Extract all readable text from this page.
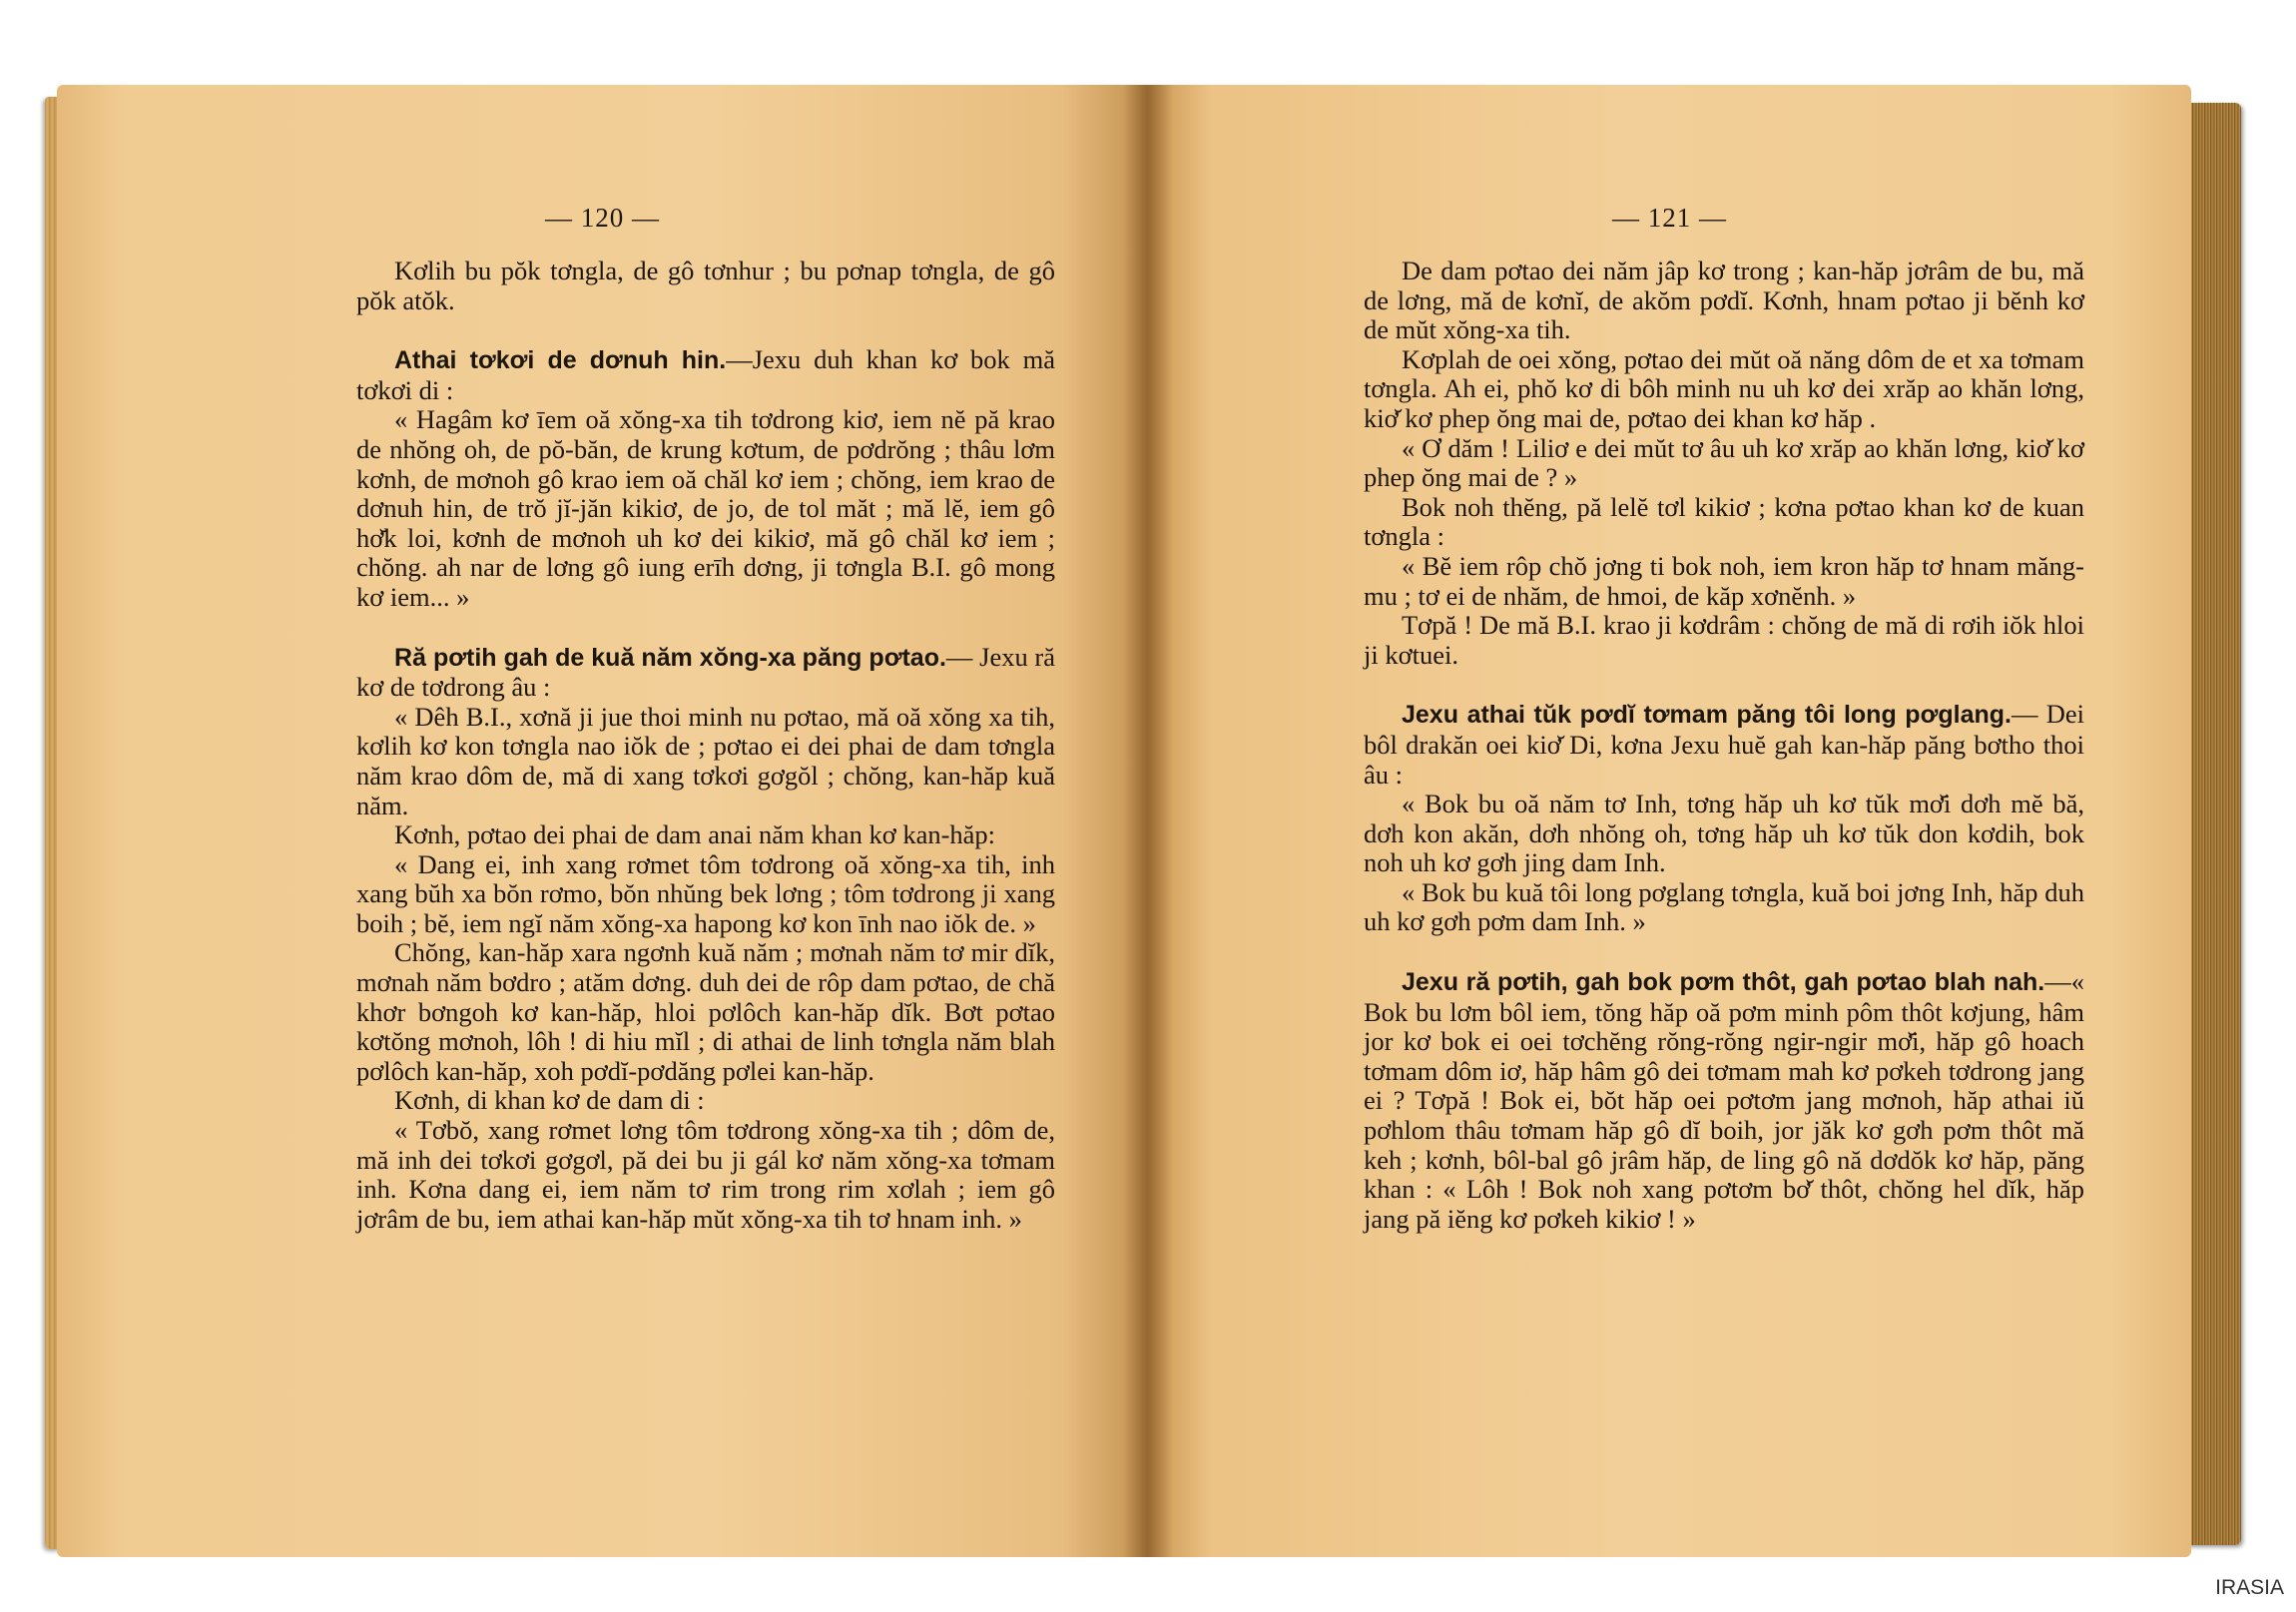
— 120 —

Kơlih bu pŏk tơngla, de gô tơnhur ; bu pơnap tơngla, de gô pŏk atŏk.

Athai tơkơi de dơnuh hin.—Jexu duh khan kơ bok mă tơkơi di :

« Hagâm kơ īem oă xŏng-xa tih tơdrong kiơ, iem nĕ pă krao de nhŏng oh, de pŏ-băn, de krung kơtum, de pơdrŏng ; thâu lơm kơnh, de mơnoh gô krao iem oă chăl kơ iem ; chŏng, iem krao de dơnuh hin, de trŏ jĭ-jăn kikiơ, de jo, de tol măt ; mă lĕ, iem gô hơ̆k loi, kơnh de mơnoh uh kơ dei kikiơ, mă gô chăl kơ iem ; chŏng. ah nar de lơng gô iung erīh dơng, ji tơngla B.I. gô mong kơ iem... »

Ră pơtih gah de kuă năm xŏng-xa păng pơtao.— Jexu ră kơ de tơdrong âu :

« Dêh B.I., xơnă ji jue thoi minh nu pơtao, mă oă xŏng xa tih, kơlih kơ kon tơngla nao iŏk de ; pơtao ei dei phai de dam tơngla năm krao dôm de, mă di xang tơkơi gơgŏl ; chŏng, kan-hăp kuă năm.

Kơnh, pơtao dei phai de dam anai năm khan kơ kan-hăp:

« Dang ei, inh xang rơmet tôm tơdrong oă xŏng-xa tih, inh xang bŭh xa bŏn rơmo, bŏn nhŭng bek lơng ; tôm tơdrong ji xang boih ; bĕ, iem ngĭ năm xŏng-xa hapong kơ kon īnh nao iŏk de. »

Chŏng, kan-hăp xara ngơnh kuă năm ; mơnah năm tơ mir dĭk, mơnah năm bơdro ; atăm dơng. duh dei de rôp dam pơtao, de chă khơr bơngoh kơ kan-hăp, hloi pơlôch kan-hăp dĭk. Bơt pơtao kơtŏng mơnoh, lôh ! di hiu mĭl ; di athai de linh tơngla năm blah pơlôch kan-hăp, xoh pơdĭ-pơdăng pơlei kan-hăp.

Kơnh, di khan kơ de dam di :

« Tơbŏ, xang rơmet lơng tôm tơdrong xŏng-xa tih ; dôm de, mă inh dei tơkơi gơgơl, pă dei bu ji gál kơ năm xŏng-xa tơmam inh. Kơna dang ei, iem năm tơ rim trong rim xơlah ; iem gô jơrâm de bu, iem athai kan-hăp mŭt xŏng-xa tih tơ hnam inh. »

— 121 —

De dam pơtao dei năm jâp kơ trong ; kan-hăp jơrâm de bu, mă de lơng, mă de kơnĭ, de akŏm pơdĭ. Kơnh, hnam pơtao ji bĕnh kơ de mŭt xŏng-xa tih.

Kơplah de oei xŏng, pơtao dei mŭt oă năng dôm de et xa tơmam tơngla. Ah ei, phŏ kơ di bôh minh nu uh kơ dei xrăp ao khăn lơng, kiơ̆ kơ phep ŏng mai de, pơtao dei khan kơ hăp .

« Ơ dăm ! Liliơ e dei mŭt tơ âu uh kơ xrăp ao khăn lơng, kiơ̆ kơ phep ŏng mai de ? »

Bok noh thĕng, pă lelĕ tơl kikiơ ; kơna pơtao khan kơ de kuan tơngla :

« Bĕ iem rôp chŏ jơng ti bok noh, iem kron hăp tơ hnam măng-mu ; tơ ei de nhăm, de hmoi, de kăp xơnĕnh. »

Tơpă ! De mă B.I. krao ji kơdrâm : chŏng de mă di rơih iŏk hloi ji kơtuei.

Jexu athai tŭk pơdĭ tơmam păng tôi long pơglang.— Dei bôl drakăn oei kiơ̆ Di, kơna Jexu huĕ gah kan-hăp păng bơtho thoi âu :

« Bok bu oă năm tơ Inh, tơng hăp uh kơ tŭk mơ̆i dơh mĕ bă, dơh kon akăn, dơh nhŏng oh, tơng hăp uh kơ tŭk don kơdih, bok noh uh kơ gơh jing dam Inh.

« Bok bu kuă tôi long pơglang tơngla, kuă boi jơng Inh, hăp duh uh kơ gơh pơm dam Inh. »

Jexu ră pơtih, gah bok pơm thôt, gah pơtao blah nah.—« Bok bu lơm bôl iem, tŏng hăp oă pơm minh pôm thôt kơjung, hâm jor kơ bok ei oei tơchĕng rŏng-rŏng ngir-ngir mơ̆i, hăp gô hoach tơmam dôm iơ, hăp hâm gô dei tơmam mah kơ pơkeh tơdrong jang ei ? Tơpă ! Bok ei, bŏt hăp oei pơtơm jang mơnoh, hăp athai iŭ pơhlom thâu tơmam hăp gô dĭ boih, jor jăk kơ gơh pơm thôt mă keh ; kơnh, bôl-bal gô jrâm hăp, de ling gô nă dơdŏk kơ hăp, păng khan : « Lôh ! Bok noh xang pơtơm bơ̆ thôt, chŏng hel dĭk, hăp jang pă iĕng kơ pơkeh kikiơ ! »

IRASIA
